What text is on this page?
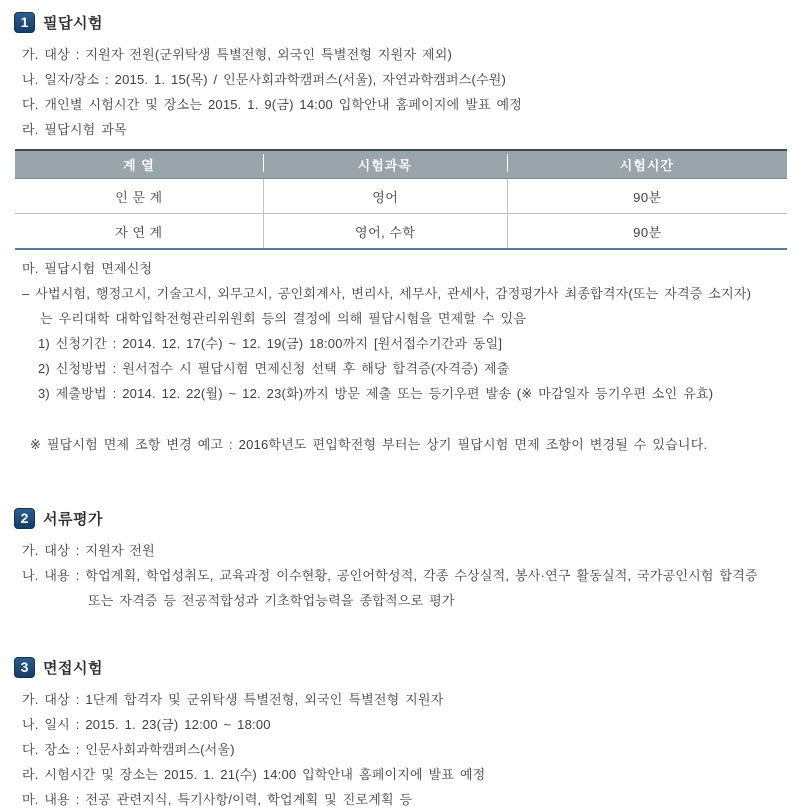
1 필답시험
가. 대상 : 지원자 전원(군위탁생 특별전형, 외국인 특별전형 지원자 제외)
나. 일자/장소 : 2015. 1. 15(목) / 인문사회과학캠퍼스(서울), 자연과학캠퍼스(수원)
다. 개인별 시험시간 및 장소는 2015. 1. 9(금) 14:00 입학안내 홈페이지에 발표 예정
라. 필답시험 과목
계 열	시험과목	시험시간
인 문 계	영어	90분
자 연 계	영어, 수학	90분
마. 필답시험 면제신청
– 사법시험, 행정고시, 기술고시, 외무고시, 공인회계사, 변리사, 세무사, 관세사, 감정평가사 최종합격자(또는 자격증 소지자)
는 우리대학 대학입학전형관리위원회 등의 결정에 의해 필답시험을 면제할 수 있음
1) 신청기간 : 2014. 12. 17(수) ~ 12. 19(금) 18:00까지 [원서접수기간과 동일]
2) 신청방법 : 원서접수 시 필답시험 면제신청 선택 후 해당 합격증(자격증) 제출
3) 제출방법 : 2014. 12. 22(월) ~ 12. 23(화)까지 방문 제출 또는 등기우편 발송 (※ 마감일자 등기우편 소인 유효)
※ 필답시험 면제 조항 변경 예고 : 2016학년도 편입학전형 부터는 상기 필답시험 면제 조항이 변경될 수 있습니다.
2 서류평가
가. 대상 : 지원자 전원
나. 내용 : 학업계획, 학업성취도, 교육과정 이수현황, 공인어학성적, 각종 수상실적, 봉사·연구 활동실적, 국가공인시험 합격증
또는 자격증 등 전공적합성과 기초학업능력을 종합적으로 평가
3 면접시험
가. 대상 : 1단계 합격자 및 군위탁생 특별전형, 외국인 특별전형 지원자
나. 일시 : 2015. 1. 23(금) 12:00 ~ 18:00
다. 장소 : 인문사회과학캠퍼스(서울)
라. 시험시간 및 장소는 2015. 1. 21(수) 14:00 입학안내 홈페이지에 발표 예정
마. 내용 : 전공 관련지식, 특기사항/이력, 학업계획 및 진로계획 등
